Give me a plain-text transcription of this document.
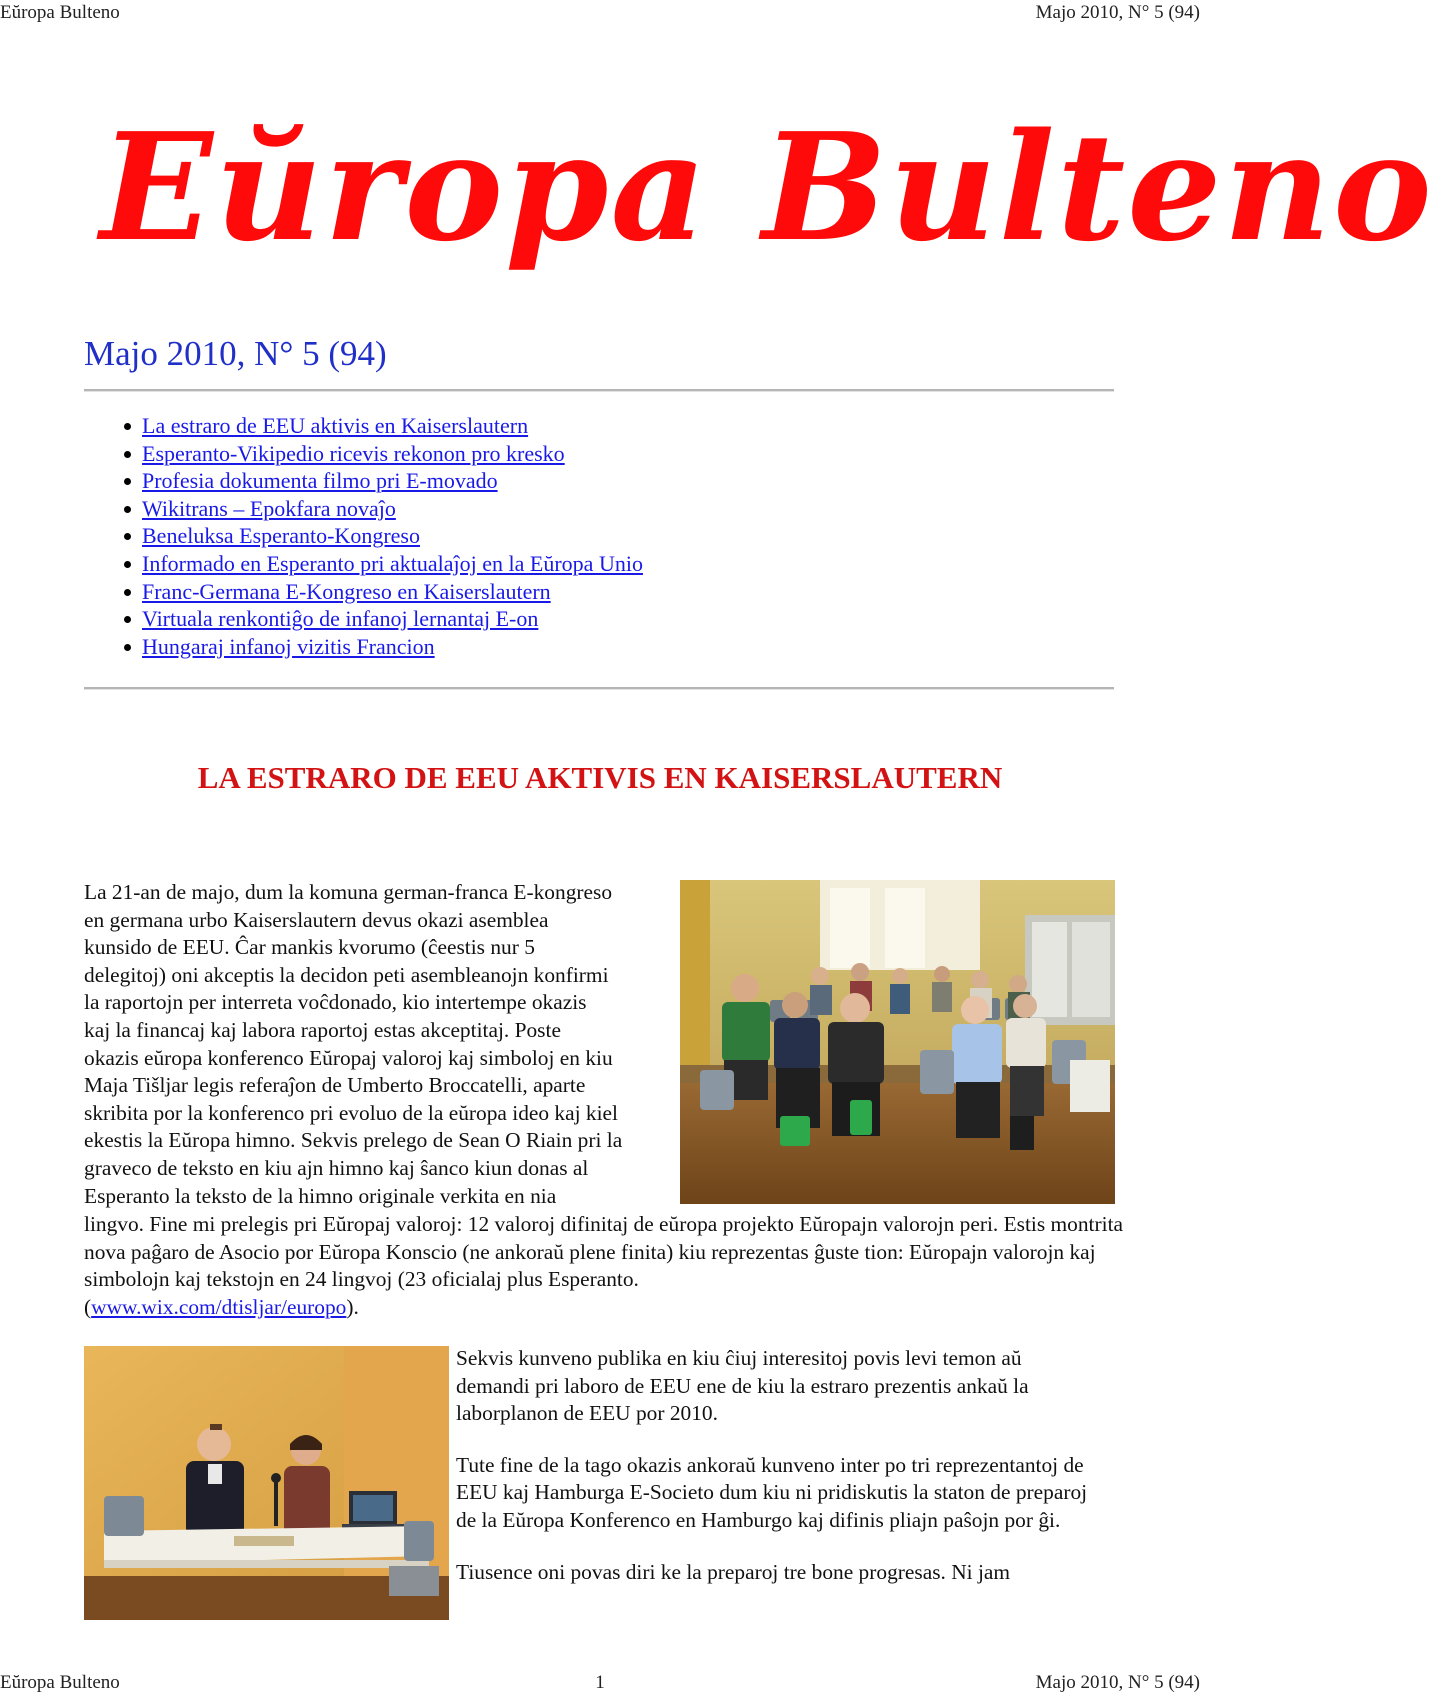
Eŭropa Bulteno	Majo 2010, N° 5 (94)
Eŭropa Bulteno
Majo 2010, N° 5 (94)
La estraro de EEU aktivis en Kaiserslautern
Esperanto-Vikipedio ricevis rekonon pro kresko
Profesia dokumenta filmo pri E-movado
Wikitrans – Epokfara novaĵo
Beneluksa Esperanto-Kongreso
Informado en Esperanto pri aktualaĵoj en la Eŭropa Unio
Franc-Germana E-Kongreso en Kaiserslautern
Virtuala renkontiĝo de infanoj lernantaj E-on
Hungaraj infanoj vizitis Francion
LA ESTRARO DE EEU AKTIVIS EN KAISERSLAUTERN
La 21-an de majo, dum la komuna german-franca E-kongreso
en germana urbo Kaiserslautern devus okazi asemblea
kunsido de EEU. Ĉar mankis kvorumo (ĉeestis nur 5
delegitoj) oni akceptis la decidon peti asembleanojn konfirmi
la raportojn per interreta voĉdonado, kio intertempe okazis
kaj la financaj kaj labora raportoj estas akceptitaj. Poste
okazis eŭropa konferenco Eŭropaj valoroj kaj simboloj en kiu
Maja Tišljar legis referaĵon de Umberto Broccatelli, aparte
skribita por la konferenco pri evoluo de la eŭropa ideo kaj kiel
ekestis la Eŭropa himno. Sekvis prelego de Sean O Riain pri la
graveco de teksto en kiu ajn himno kaj ŝanco kiun donas al
Esperanto la teksto de la himno originale verkita en nia
lingvo. Fine mi prelegis pri Eŭropaj valoroj: 12 valoroj difinitaj de eŭropa projekto Eŭropajn valorojn peri. Estis montrita nova paĝaro de Asocio por Eŭropa Konscio (ne ankoraŭ plene finita) kiu reprezentas ĝuste tion: Eŭropajn valorojn kaj simbolojn kaj tekstojn en 24 lingvoj (23 oficialaj plus Esperanto.
(www.wix.com/dtisljar/europo).

Sekvis kunveno publika en kiu ĉiuj interesitoj povis levi temon aŭ demandi pri laboro de EEU ene de kiu la estraro prezentis ankaŭ la laborplanon de EEU por 2010.

Tute fine de la tago okazis ankoraŭ kunveno inter po tri reprezentantoj de EEU kaj Hamburga E-Societo dum kiu ni pridiskutis la staton de preparoj de la Eŭropa Konferenco en Hamburgo kaj difinis pliajn paŝojn por ĝi.

Tiusence oni povas diri ke la preparoj tre bone progresas. Ni jam

Eŭropa Bulteno	1	Majo 2010, N° 5 (94)
